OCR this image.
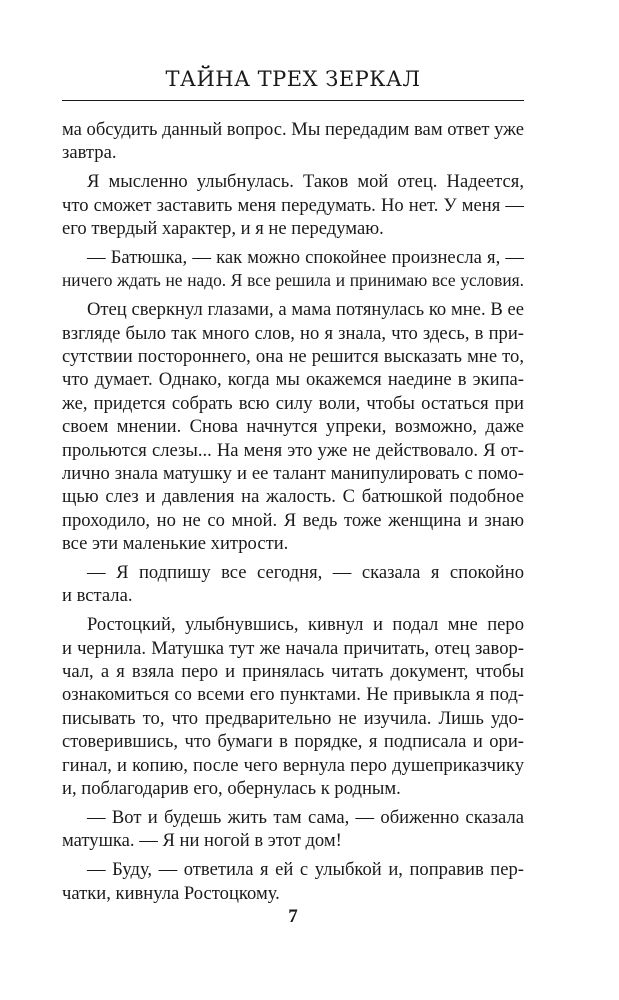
ТАЙНА ТРЕХ ЗЕРКАЛ
ма обсудить данный вопрос. Мы передадим вам ответ уже
завтра.
Я мысленно улыбнулась. Таков мой отец. Надеется,
что сможет заставить меня передумать. Но нет. У меня —
его твердый характер, и я не передумаю.
— Батюшка, — как можно спокойнее произнесла я, —
ничего ждать не надо. Я все решила и принимаю все условия.
Отец сверкнул глазами, а мама потянулась ко мне. В ее
взгляде было так много слов, но я знала, что здесь, в при-
сутствии постороннего, она не решится высказать мне то,
что думает. Однако, когда мы окажемся наедине в экипа-
же, придется собрать всю силу воли, чтобы остаться при
своем мнении. Снова начнутся упреки, возможно, даже
прольются слезы... На меня это уже не действовало. Я от-
лично знала матушку и ее талант манипулировать с помо-
щью слез и давления на жалость. С батюшкой подобное
проходило, но не со мной. Я ведь тоже женщина и знаю
все эти маленькие хитрости.
— Я подпишу все сегодня, — сказала я спокойно
и встала.
Ростоцкий, улыбнувшись, кивнул и подал мне перо
и чернила. Матушка тут же начала причитать, отец завор-
чал, а я взяла перо и принялась читать документ, чтобы
ознакомиться со всеми его пунктами. Не привыкла я под-
писывать то, что предварительно не изучила. Лишь удо-
стоверившись, что бумаги в порядке, я подписала и ори-
гинал, и копию, после чего вернула перо душеприказчику
и, поблагодарив его, обернулась к родным.
— Вот и будешь жить там сама, — обиженно сказала
матушка. — Я ни ногой в этот дом!
— Буду, — ответила я ей с улыбкой и, поправив пер-
чатки, кивнула Ростоцкому.
7
